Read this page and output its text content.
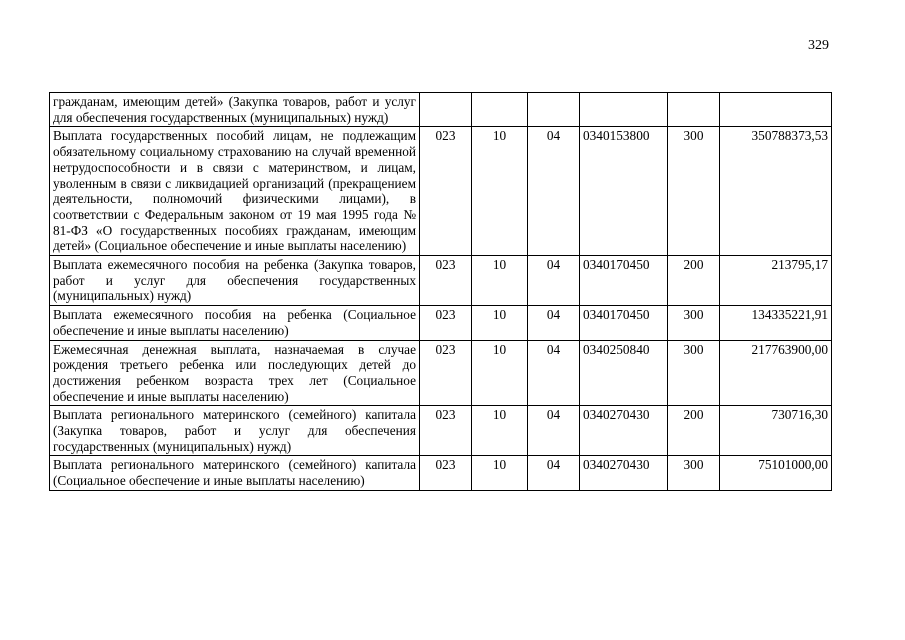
329
гражданам, имеющим детей» (Закупка товаров, работ и услуг для обеспечения государственных (муниципальных) нужд)						
Выплата государственных пособий лицам, не подлежащим обязательному социальному страхованию на случай временной нетрудоспособности и в связи с материнством, и лицам, уволенным в связи с ликвидацией организаций (прекращением деятельности, полномочий физическими лицами), в соответствии с Федеральным законом от 19 мая 1995 года № 81-ФЗ «О государственных пособиях гражданам, имеющим детей» (Социальное обеспечение и иные выплаты населению)	023	10	04	0340153800	300	350788373,53
Выплата ежемесячного пособия на ребенка (Закупка товаров, работ и услуг для обеспечения государственных (муниципальных) нужд)	023	10	04	0340170450	200	213795,17
Выплата ежемесячного пособия на ребенка (Социальное обеспечение и иные выплаты населению)	023	10	04	0340170450	300	134335221,91
Ежемесячная денежная выплата, назначаемая в случае рождения третьего ребенка или последующих детей до достижения ребенком возраста трех лет (Социальное обеспечение и иные выплаты населению)	023	10	04	0340250840	300	217763900,00
Выплата регионального материнского (семейного) капитала (Закупка товаров, работ и услуг для обеспечения государственных (муниципальных) нужд)	023	10	04	0340270430	200	730716,30
Выплата регионального материнского (семейного) капитала (Социальное обеспечение и иные выплаты населению)	023	10	04	0340270430	300	75101000,00
